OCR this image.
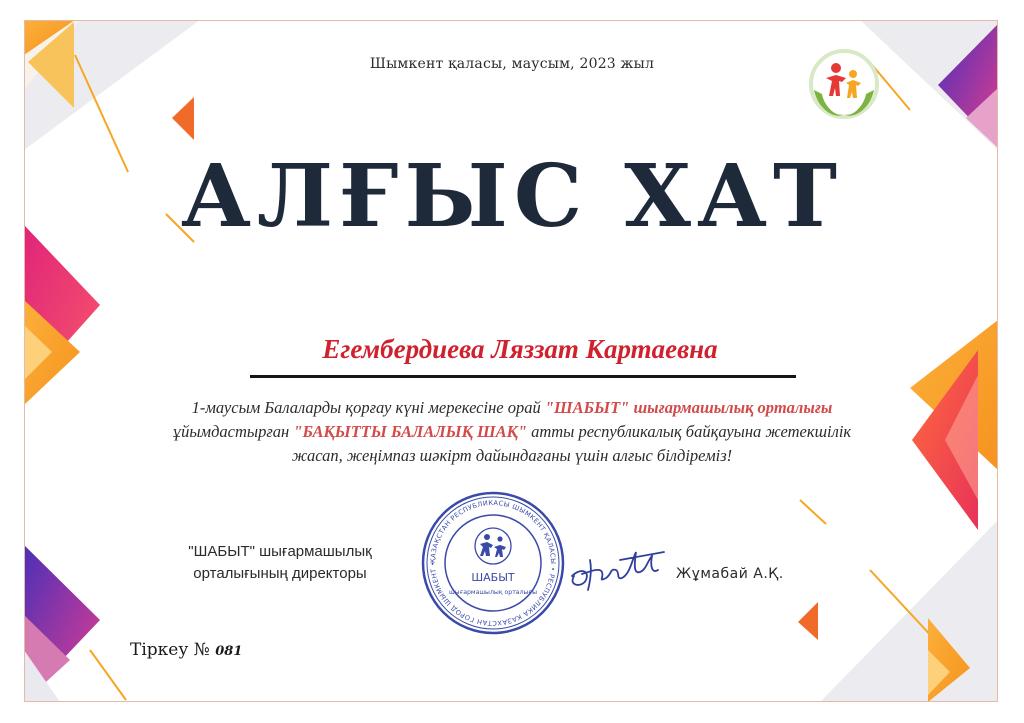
Шымкент қаласы, маусым, 2023 жыл
АЛҒЫС ХАТ
Егембердиева Ляззат Картаевна
1-маусым Балаларды қорғау күні мерекесіне орай "ШАБЫТ" шығармашылық орталығы ұйымдастырған "БАҚЫТТЫ БАЛАЛЫҚ ШАҚ" атты республикалық байқауына жетекшілік жасап, жеңімпаз шәкірт дайындағаны үшін алғыс білдіреміз!
"ШАБЫТ" шығармашылық
орталығының директоры
ҚАЗАҚСТАН РЕСПУБЛИКАСЫ ШЫМКЕНТ ҚАЛАСЫ • РЕСПУБЛИКА КАЗАХСТАН ГОРОД ШЫМКЕНТ •
ШАБЫТ
шығармашылық орталығы
Жұмабай А.Қ.
Тіркеу № 081
